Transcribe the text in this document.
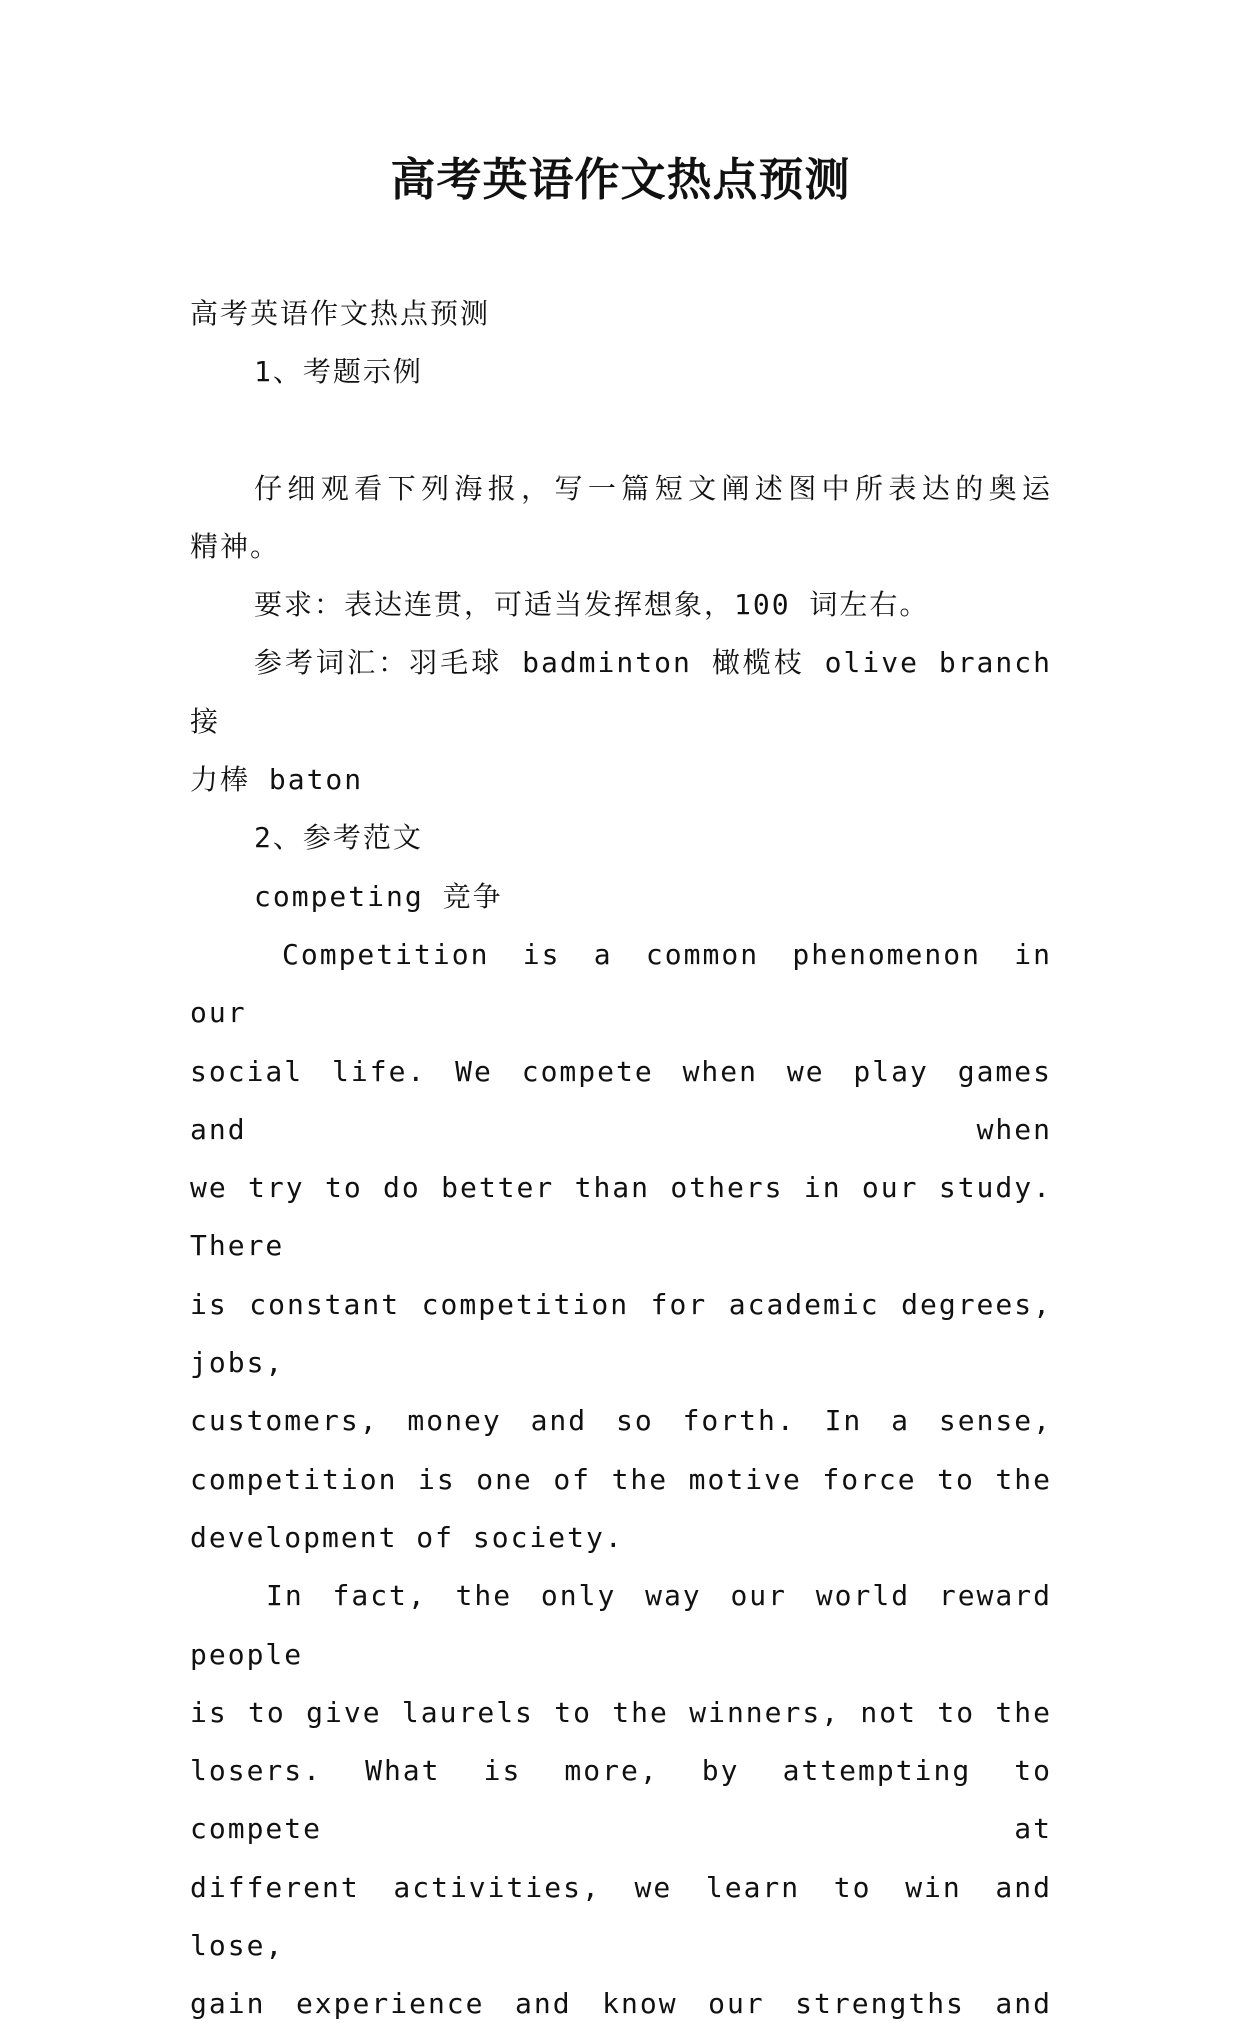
高考英语作文热点预测

高考英语作文热点预测

1、考题示例

仔细观看下列海报，写一篇短文阐述图中所表达的奥运

精神。

要求：表达连贯，可适当发挥想象，100 词左右。

参考词汇：羽毛球 badminton 橄榄枝 olive branch 接

力棒 baton

2、参考范文

competing 竞争

Competition is a common phenomenon in our

social life. We compete when we play games and when

we try to do better than others in our study. There

is constant competition for academic degrees, jobs,

customers, money and so forth. In a sense,

competition is one of the motive force to the

development of society.

In fact, the only way our world reward people

is to give laurels to the winners, not to the

losers. What is more, by attempting to compete at

different activities, we learn to win and lose,

gain experience and know our strengths and
